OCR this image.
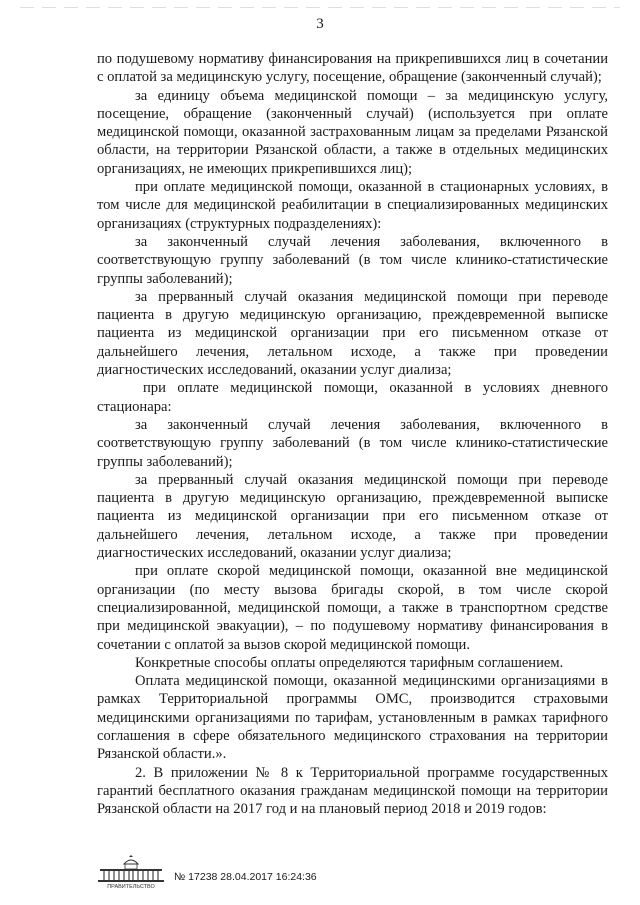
3

по подушевому нормативу финансирования на прикрепившихся лиц в сочетании с оплатой за медицинскую услугу, посещение, обращение (законченный случай);

за единицу объема медицинской помощи – за медицинскую услугу, посещение, обращение (законченный случай) (используется при оплате медицинской помощи, оказанной застрахованным лицам за пределами Рязанской области, на территории Рязанской области, а также в отдельных медицинских организациях, не имеющих прикрепившихся лиц);

при оплате медицинской помощи, оказанной в стационарных условиях, в том числе для медицинской реабилитации в специализированных медицинских организациях (структурных подразделениях):

за законченный случай лечения заболевания, включенного в соответствующую группу заболеваний (в том числе клинико-статистические группы заболеваний);

за прерванный случай оказания медицинской помощи при переводе пациента в другую медицинскую организацию, преждевременной выписке пациента из медицинской организации при его письменном отказе от дальнейшего лечения, летальном исходе, а также при проведении диагностических исследований, оказании услуг диализа;

при оплате медицинской помощи, оказанной в условиях дневного стационара:

за законченный случай лечения заболевания, включенного в соответствующую группу заболеваний (в том числе клинико-статистические группы заболеваний);

за прерванный случай оказания медицинской помощи при переводе пациента в другую медицинскую организацию, преждевременной выписке пациента из медицинской организации при его письменном отказе от дальнейшего лечения, летальном исходе, а также при проведении диагностических исследований, оказании услуг диализа;

при оплате скорой медицинской помощи, оказанной вне медицинской организации (по месту вызова бригады скорой, в том числе скорой специализированной, медицинской помощи, а также в транспортном средстве при медицинской эвакуации), – по подушевому нормативу финансирования в сочетании с оплатой за вызов скорой медицинской помощи.

Конкретные способы оплаты определяются тарифным соглашением.

Оплата медицинской помощи, оказанной медицинскими организациями в рамках Территориальной программы ОМС, производится страховыми медицинскими организациями по тарифам, установленным в рамках тарифного соглашения в сфере обязательного медицинского страхования на территории Рязанской области.».

2. В приложении № 8 к Территориальной программе государственных гарантий бесплатного оказания гражданам медицинской помощи на территории Рязанской области на 2017 год и на плановый период 2018 и 2019 годов:

ПРАВИТЕЛЬСТВО
№ 17238 28.04.2017 16:24:36
